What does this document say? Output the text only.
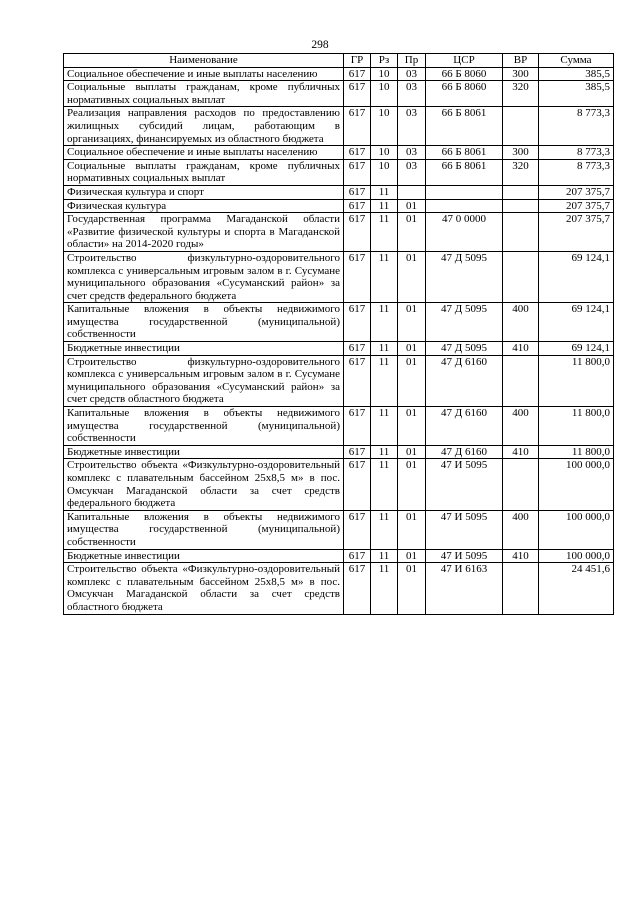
298
Наименование	ГР	Рз	Пр	ЦСР	ВР	Сумма
Социальное обеспечение и иные выплаты населению	617	10	03	66 Б 8060	300	385,5
Социальные выплаты гражданам, кроме публичных нормативных социальных выплат	617	10	03	66 Б 8060	320	385,5
Реализация направления расходов по предоставлению жилищных субсидий лицам, работающим в организациях, финансируемых из областного бюджета	617	10	03	66 Б 8061		8 773,3
Социальное обеспечение и иные выплаты населению	617	10	03	66 Б 8061	300	8 773,3
Социальные выплаты гражданам, кроме публичных нормативных социальных выплат	617	10	03	66 Б 8061	320	8 773,3
Физическая культура и спорт	617	11				207 375,7
Физическая культура	617	11	01			207 375,7
Государственная программа Магаданской области «Развитие физической культуры и спорта в Магаданской области» на 2014-2020 годы»	617	11	01	47 0 0000		207 375,7
Строительство физкультурно-оздоровительного комплекса с универсальным игровым залом в г. Сусумане муниципального образования «Сусуманский район» за счет средств федерального бюджета	617	11	01	47 Д 5095		69 124,1
Капитальные вложения в объекты недвижимого имущества государственной (муниципальной) собственности	617	11	01	47 Д 5095	400	69 124,1
Бюджетные инвестиции	617	11	01	47 Д 5095	410	69 124,1
Строительство физкультурно-оздоровительного комплекса с универсальным игровым залом в г. Сусумане муниципального образования «Сусуманский район» за счет средств областного бюджета	617	11	01	47 Д 6160		11 800,0
Капитальные вложения в объекты недвижимого имущества государственной (муниципальной) собственности	617	11	01	47 Д 6160	400	11 800,0
Бюджетные инвестиции	617	11	01	47 Д 6160	410	11 800,0
Строительство объекта «Физкультурно-оздоровительный комплекс с плавательным бассейном 25х8,5 м» в пос. Омсукчан Магаданской области за счет средств федерального бюджета	617	11	01	47 И 5095		100 000,0
Капитальные вложения в объекты недвижимого имущества государственной (муниципальной) собственности	617	11	01	47 И 5095	400	100 000,0
Бюджетные инвестиции	617	11	01	47 И 5095	410	100 000,0
Строительство объекта «Физкультурно-оздоровительный комплекс с плавательным бассейном 25х8,5 м» в пос. Омсукчан Магаданской области за счет средств областного бюджета	617	11	01	47 И 6163		24 451,6
